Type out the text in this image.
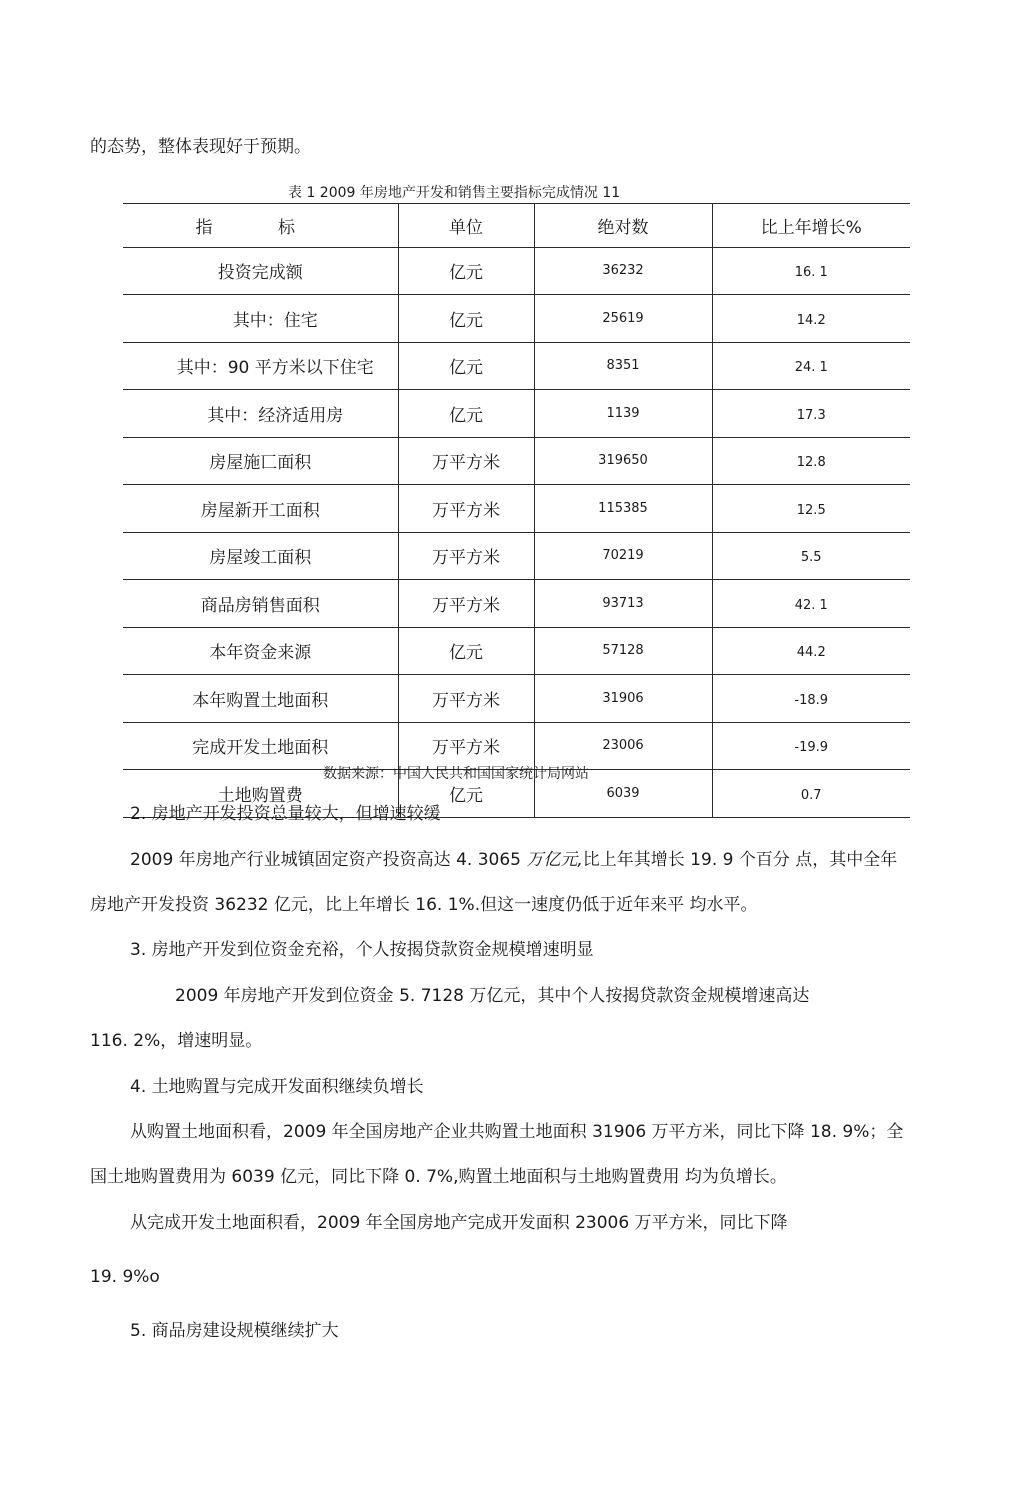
的态势，整体表现好于预期。
表 1 2009 年房地产开发和销售主要指标完成情况 11
指 标	单位	绝对数	比上年增长%
投资完成额	亿元	36232	16. 1
其中：住宅	亿元	25619	14.2
其中：90 平方米以下住宅	亿元	8351	24. 1
其中：经济适用房	亿元	1139	17.3
房屋施匸面积	万平方米	319650	12.8
房屋新开工面积	万平方米	115385	12.5
房屋竣工面积	万平方米	70219	5.5
商品房销售面积	万平方米	93713	42. 1
本年资金来源	亿元	57128	44.2
本年购置土地面积	万平方米	31906	-18.9
完成开发土地面积	万平方米	23006	-19.9
土地购置费	亿元	6039	0.7
数据来源：中国人民共和国国家统计局网站
2. 房地产开发投资总量较大，但增速较缓
2009 年房地产行业城镇固定资产投资高达 4. 3065 万亿元,比上年其增长 19. 9 个百分 点，其中全年
房地产开发投资 36232 亿元，比上年增长 16. 1%.但这一速度仍低于近年来平 均水平。
3. 房地产开发到位资金充裕，个人按揭贷款资金规模增速明显
2009 年房地产开发到位资金 5. 7128 万亿元，其中个人按揭贷款资金规模增速高达
116. 2%，增速明显。
4. 土地购置与完成开发面积继续负增长
从购置土地面积看，2009 年全国房地产企业共购置土地面积 31906 万平方米，同比下降 18. 9%；全
国土地购置费用为 6039 亿元，同比下降 0. 7%,购置土地面积与土地购置费用 均为负增长。
从完成开发土地面积看，2009 年全国房地产完成开发面积 23006 万平方米，同比下降
19. 9%o
5. 商品房建设规模继续扩大
